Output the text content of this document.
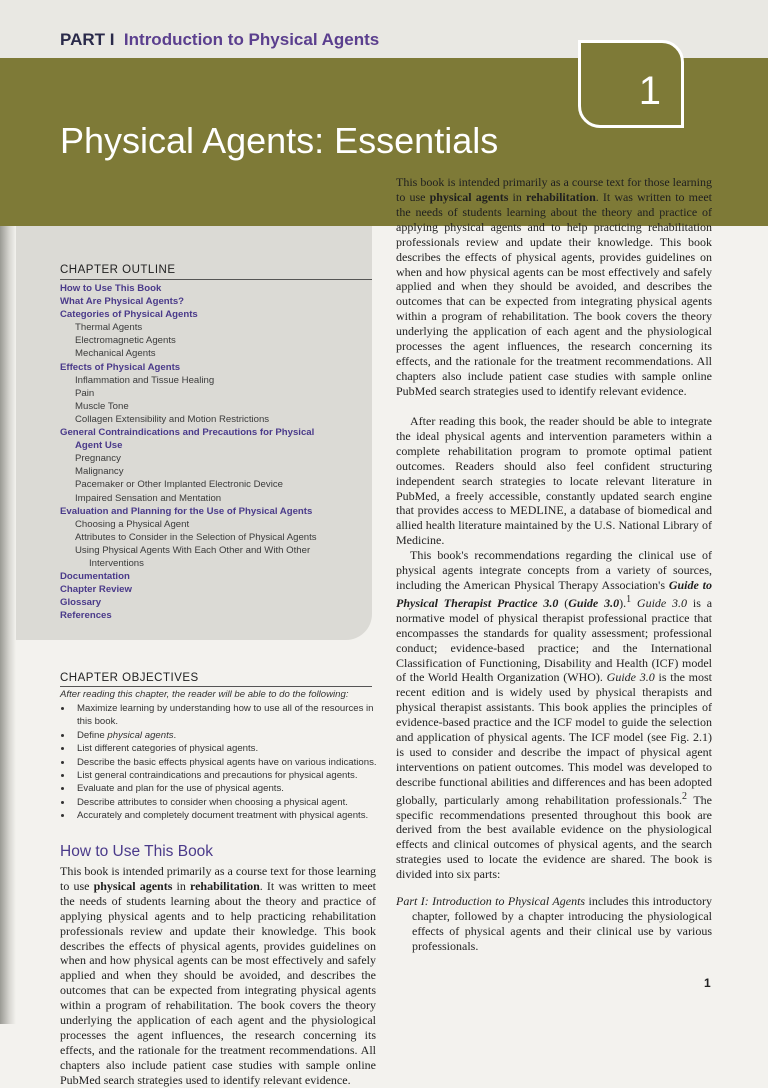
PART I Introduction to Physical Agents
1
Physical Agents: Essentials
CHAPTER OUTLINE
How to Use This Book
What Are Physical Agents?
Categories of Physical Agents
Thermal Agents
Electromagnetic Agents
Mechanical Agents
Effects of Physical Agents
Inflammation and Tissue Healing
Pain
Muscle Tone
Collagen Extensibility and Motion Restrictions
General Contraindications and Precautions for Physical
Agent Use
Pregnancy
Malignancy
Pacemaker or Other Implanted Electronic Device
Impaired Sensation and Mentation
Evaluation and Planning for the Use of Physical Agents
Choosing a Physical Agent
Attributes to Consider in the Selection of Physical Agents
Using Physical Agents With Each Other and With Other
Interventions
Documentation
Chapter Review
Glossary
References
CHAPTER OBJECTIVES

After reading this chapter, the reader will be able to do the following:

• Maximize learning by understanding how to use all of the resources in this book.
• Define physical agents.
• List different categories of physical agents.
• Describe the basic effects physical agents have on various indications.
• List general contraindications and precautions for physical agents.
• Evaluate and plan for the use of physical agents.
• Describe attributes to consider when choosing a physical agent.
• Accurately and completely document treatment with physical agents.
How to Use This Book
This book is intended primarily as a course text for those learning to use physical agents in rehabilitation. It was written to meet the needs of students learning about the theory and practice of applying physical agents and to help practicing rehabilitation professionals review and update their knowledge. This book describes the effects of physical agents, provides guidelines on when and how physical agents can be most effectively and safely applied and when they should be avoided, and describes the outcomes that can be expected from integrating physical agents within a program of rehabilitation. The book covers the theory underlying the application of each agent and the physiological processes the agent influences, the research concerning its effects, and the rationale for the treatment recommendations. All chapters also include patient case studies with sample online PubMed search strategies used to identify relevant evidence.
This book is intended primarily as a course text for those learning to use physical agents in rehabilitation. It was written to meet the needs of students learning about the theory and practice of applying physical agents and to help practicing rehabilitation professionals review and update their knowledge. This book describes the effects of physical agents, provides guidelines on when and how physical agents can be most effectively and safely applied and when they should be avoided, and describes the outcomes that can be expected from integrating physical agents within a program of rehabilitation. The book covers the theory underlying the application of each agent and the physiological processes the agent influences, the research concerning its effects, and the rationale for the treatment recommendations. All chapters also include patient case studies with sample online PubMed search strategies used to identify relevant evidence.
After reading this book, the reader should be able to integrate the ideal physical agents and intervention parameters within a complete rehabilitation program to promote optimal patient outcomes. Readers should also feel confident structuring independent search strategies to locate relevant literature in PubMed, a freely accessible, constantly updated search engine that provides access to MEDLINE, a database of biomedical and allied health literature maintained by the U.S. National Library of Medicine.
This book's recommendations regarding the clinical use of physical agents integrate concepts from a variety of sources, including the American Physical Therapy Association's Guide to Physical Therapist Practice 3.0 (Guide 3.0).$^1$ Guide 3.0 is a normative model of physical therapist professional practice that encompasses the standards for quality assessment; professional conduct; evidence-based practice; and the International Classification of Functioning, Disability and Health (ICF) model of the World Health Organization (WHO). Guide 3.0 is the most recent edition and is widely used by physical therapists and physical therapist assistants. This book applies the principles of evidence-based practice and the ICF model to guide the selection and application of physical agents. The ICF model (see Fig. 2.1) is used to consider and describe the impact of physical agent interventions on patient outcomes. This model was developed to describe functional abilities and differences and has been adopted globally, particularly among rehabilitation professionals.$^2$ The specific recommendations presented throughout this book are derived from the best available evidence on the physiological effects and clinical outcomes of physical agents, and the search strategies used to locate the evidence are shared. The book is divided into six parts:
Part I: Introduction to Physical Agents includes this introductory chapter, followed by a chapter introducing the physiological effects of physical agents and their clinical use by various professionals.
1
